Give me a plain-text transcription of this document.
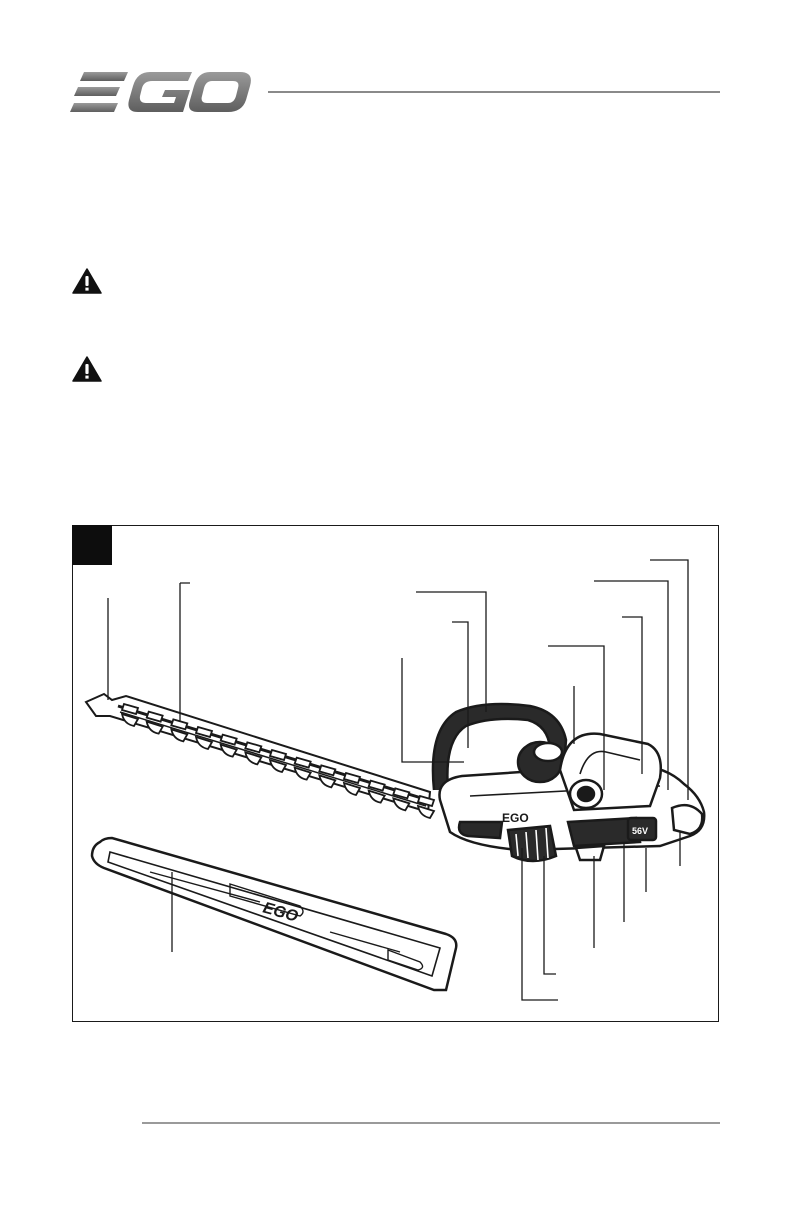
EGO
EGO
56V
